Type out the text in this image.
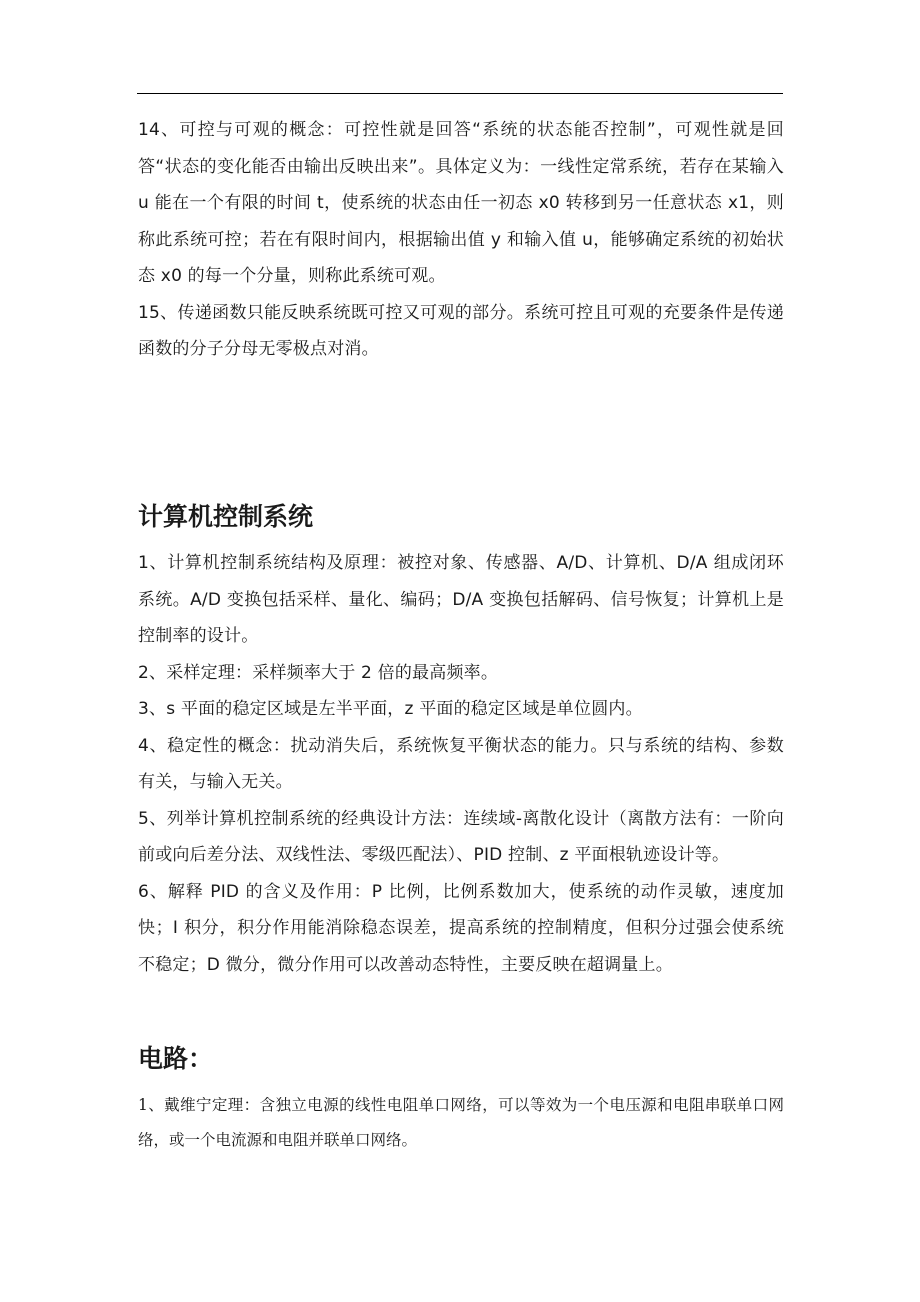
14、可控与可观的概念：可控性就是回答“系统的状态能否控制”，可观性就是回答“状态的变化能否由输出反映出来”。具体定义为：一线性定常系统，若存在某输入 u 能在一个有限的时间 t，使系统的状态由任一初态 x0 转移到另一任意状态 x1，则称此系统可控；若在有限时间内，根据输出值 y 和输入值 u，能够确定系统的初始状态 x0 的每一个分量，则称此系统可观。

15、传递函数只能反映系统既可控又可观的部分。系统可控且可观的充要条件是传递函数的分子分母无零极点对消。

计算机控制系统

1、计算机控制系统结构及原理：被控对象、传感器、A/D、计算机、D/A 组成闭环系统。A/D 变换包括采样、量化、编码；D/A 变换包括解码、信号恢复；计算机上是控制率的设计。

2、采样定理：采样频率大于 2 倍的最高频率。

3、s 平面的稳定区域是左半平面，z 平面的稳定区域是单位圆内。

4、稳定性的概念：扰动消失后，系统恢复平衡状态的能力。只与系统的结构、参数有关，与输入无关。

5、列举计算机控制系统的经典设计方法：连续域-离散化设计（离散方法有：一阶向前或向后差分法、双线性法、零级匹配法）、PID 控制、z 平面根轨迹设计等。

6、解释 PID 的含义及作用：P 比例，比例系数加大，使系统的动作灵敏，速度加快；I 积分，积分作用能消除稳态误差，提高系统的控制精度，但积分过强会使系统不稳定；D 微分，微分作用可以改善动态特性，主要反映在超调量上。

电路：

1、戴维宁定理：含独立电源的线性电阻单口网络，可以等效为一个电压源和电阻串联单口网络，或一个电流源和电阻并联单口网络。
